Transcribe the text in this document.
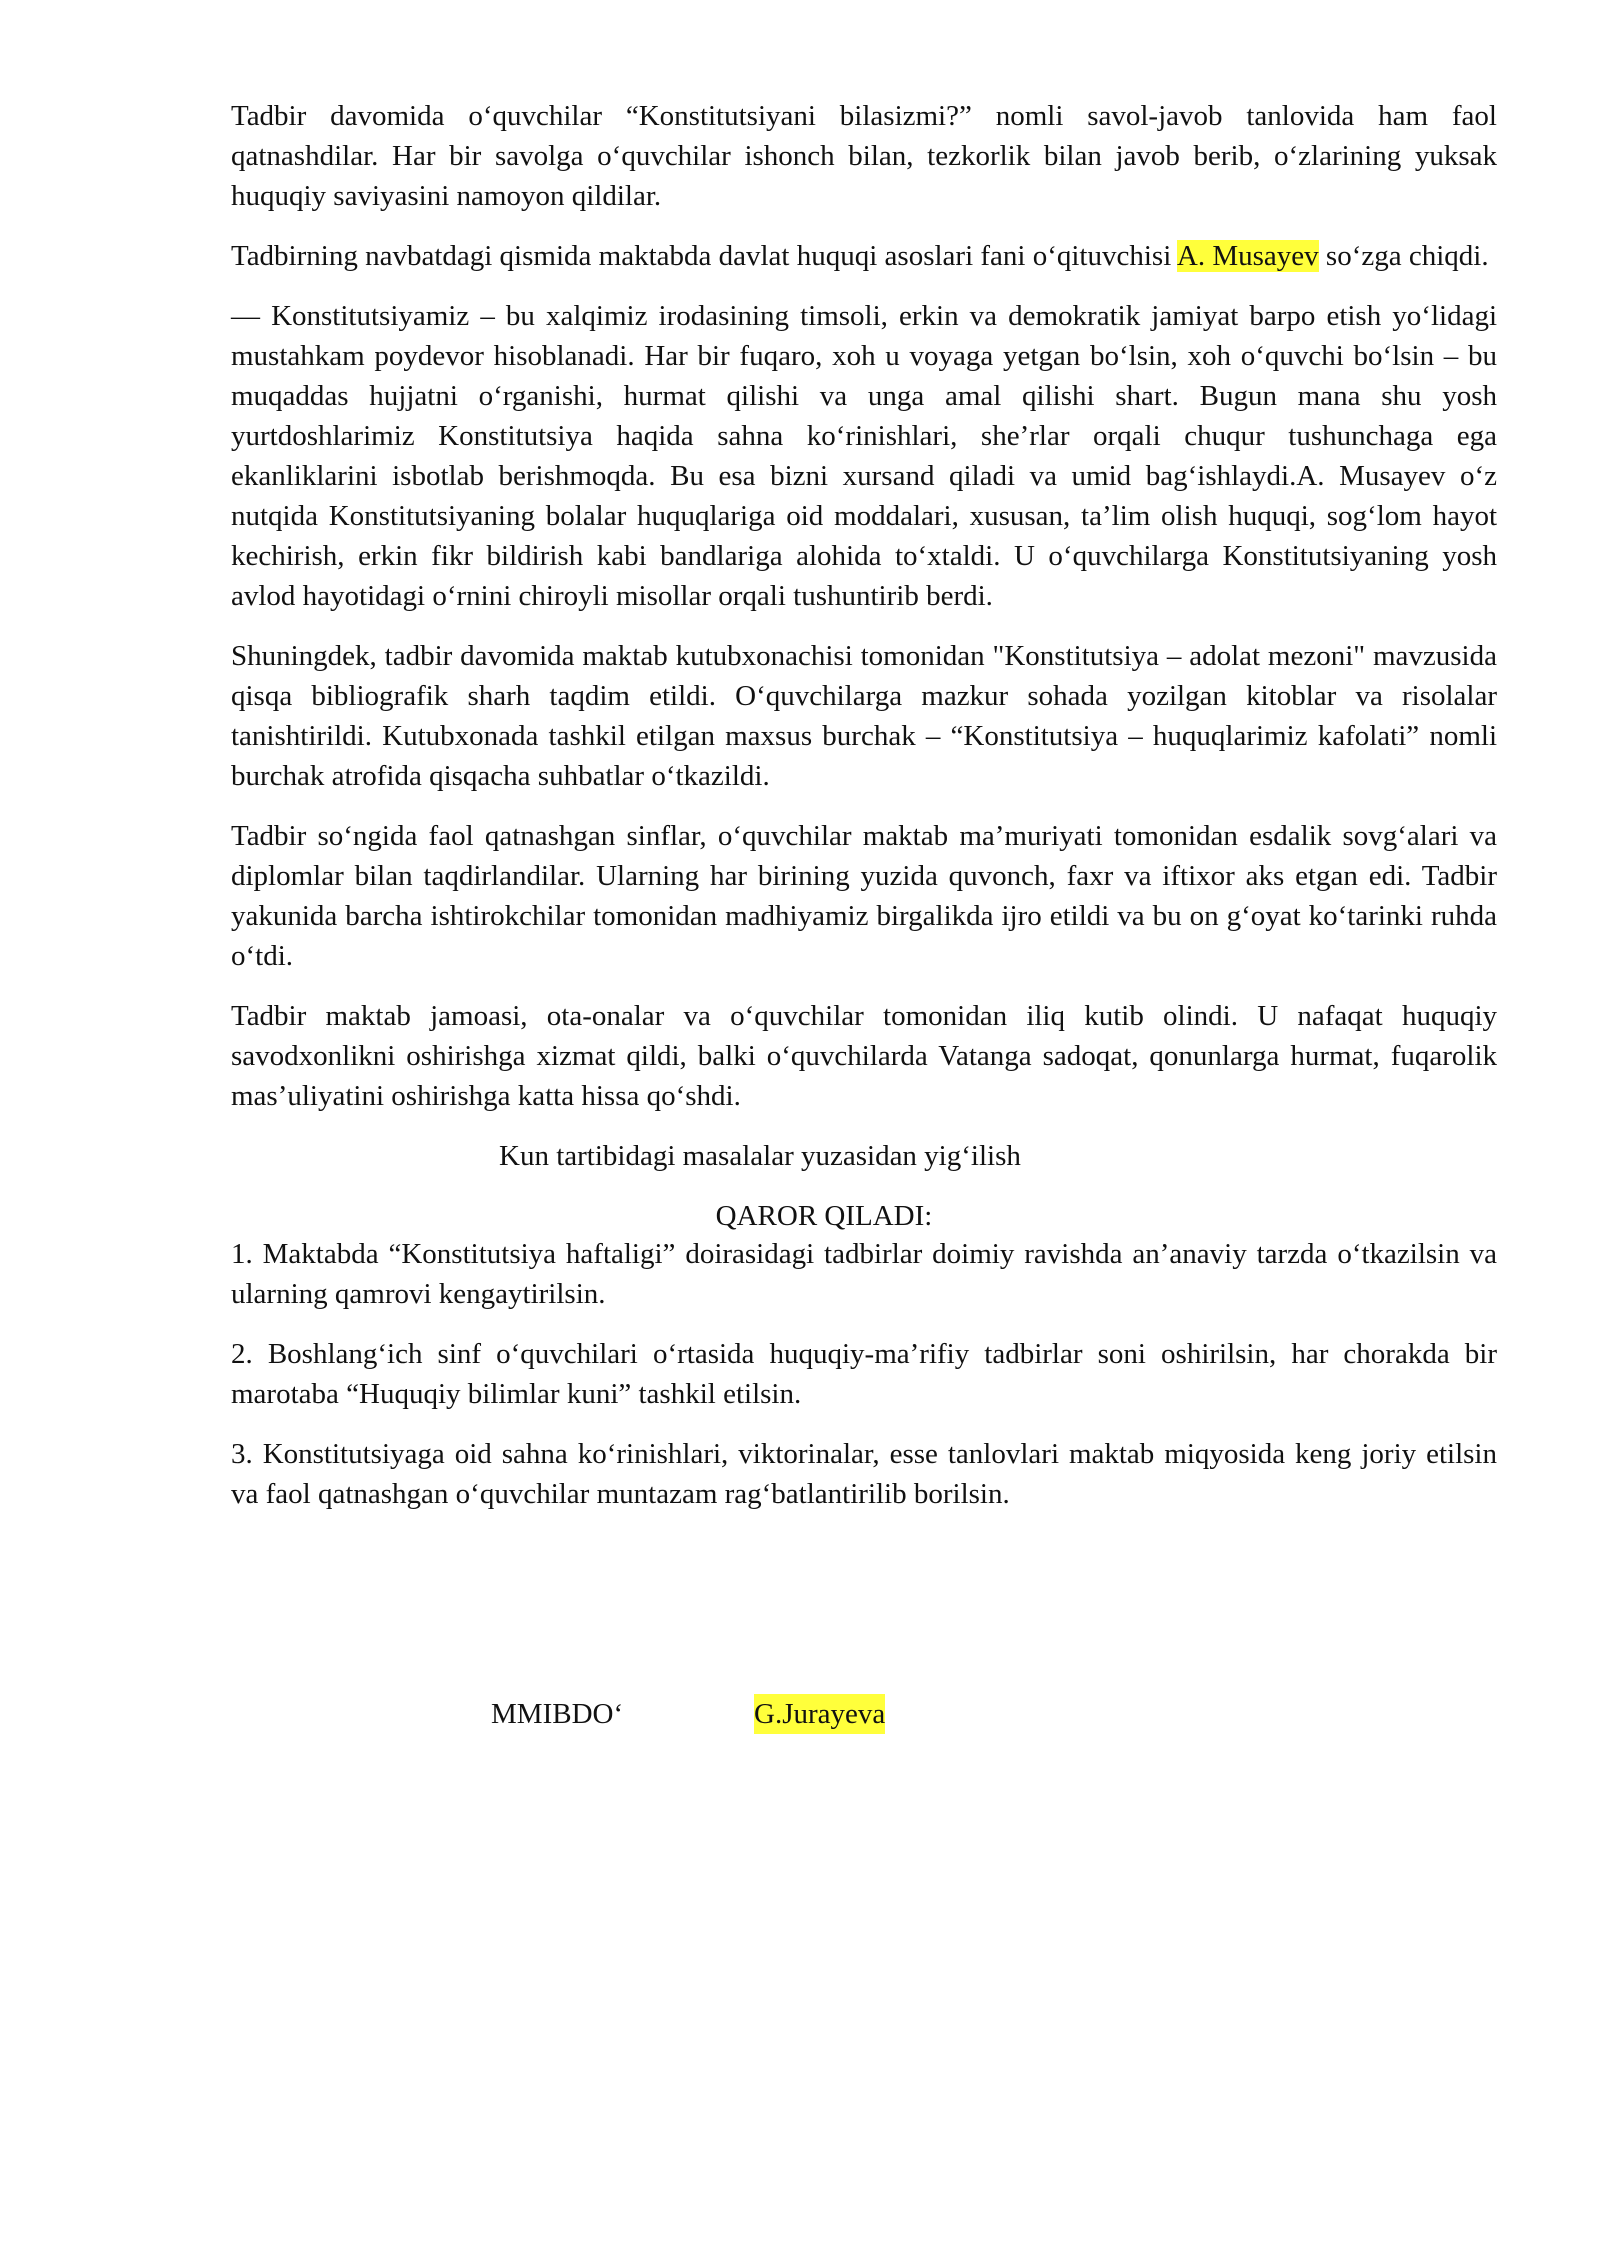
Tadbir davomida o‘quvchilar “Konstitutsiyani bilasizmi?” nomli savol-javob tanlovida ham faol qatnashdilar. Har bir savolga o‘quvchilar ishonch bilan, tezkorlik bilan javob berib, o‘zlarining yuksak huquqiy saviyasini namoyon qildilar.

Tadbirning navbatdagi qismida maktabda davlat huquqi asoslari fani o‘qituvchisi A. Musayev so‘zga chiqdi.

— Konstitutsiyamiz – bu xalqimiz irodasining timsoli, erkin va demokratik jamiyat barpo etish yo‘lidagi mustahkam poydevor hisoblanadi. Har bir fuqaro, xoh u voyaga yetgan bo‘lsin, xoh o‘quvchi bo‘lsin – bu muqaddas hujjatni o‘rganishi, hurmat qilishi va unga amal qilishi shart. Bugun mana shu yosh yurtdoshlarimiz Konstitutsiya haqida sahna ko‘rinishlari, she’rlar orqali chuqur tushunchaga ega ekanliklarini isbotlab berishmoqda. Bu esa bizni xursand qiladi va umid bag‘ishlaydi.A. Musayev o‘z nutqida Konstitutsiyaning bolalar huquqlariga oid moddalari, xususan, ta’lim olish huquqi, sog‘lom hayot kechirish, erkin fikr bildirish kabi bandlariga alohida to‘xtaldi. U o‘quvchilarga Konstitutsiyaning yosh avlod hayotidagi o‘rnini chiroyli misollar orqali tushuntirib berdi.

Shuningdek, tadbir davomida maktab kutubxonachisi tomonidan "Konstitutsiya – adolat mezoni" mavzusida qisqa bibliografik sharh taqdim etildi. O‘quvchilarga mazkur sohada yozilgan kitoblar va risolalar tanishtirildi. Kutubxonada tashkil etilgan maxsus burchak – “Konstitutsiya – huquqlarimiz kafolati” nomli burchak atrofida qisqacha suhbatlar o‘tkazildi.

Tadbir so‘ngida faol qatnashgan sinflar, o‘quvchilar maktab ma’muriyati tomonidan esdalik sovg‘alari va diplomlar bilan taqdirlandilar. Ularning har birining yuzida quvonch, faxr va iftixor aks etgan edi. Tadbir yakunida barcha ishtirokchilar tomonidan madhiyamiz birgalikda ijro etildi va bu on g‘oyat ko‘tarinki ruhda o‘tdi.

Tadbir maktab jamoasi, ota-onalar va o‘quvchilar tomonidan iliq kutib olindi. U nafaqat huquqiy savodxonlikni oshirishga xizmat qildi, balki o‘quvchilarda Vatanga sadoqat, qonunlarga hurmat, fuqarolik mas’uliyatini oshirishga katta hissa qo‘shdi.

Kun tartibidagi masalalar yuzasidan yig‘ilish

QAROR QILADI:

1. Maktabda “Konstitutsiya haftaligi” doirasidagi tadbirlar doimiy ravishda an’anaviy tarzda o‘tkazilsin va ularning qamrovi kengaytirilsin.
2. Boshlang‘ich sinf o‘quvchilari o‘rtasida huquqiy-ma’rifiy tadbirlar soni oshirilsin, har chorakda bir marotaba “Huquqiy bilimlar kuni” tashkil etilsin.
3. Konstitutsiyaga oid sahna ko‘rinishlari, viktorinalar, esse tanlovlari maktab miqyosida keng joriy etilsin va faol qatnashgan o‘quvchilar muntazam rag‘batlantirilib borilsin.
MMIBDO‘	G.Jurayeva
